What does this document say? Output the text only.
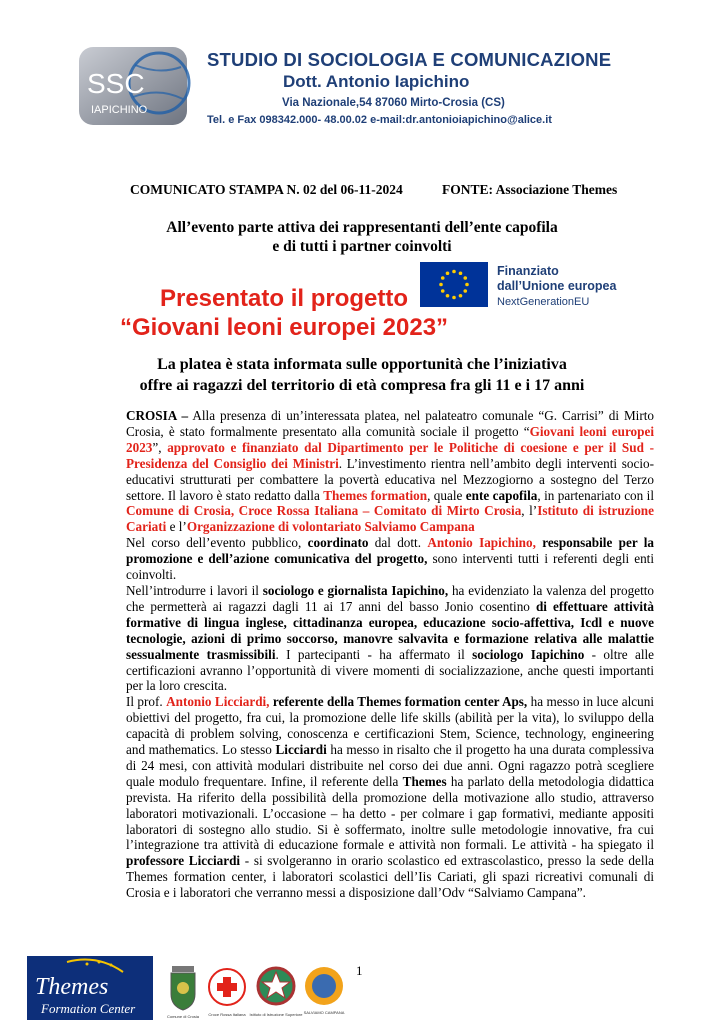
SSC
IAPICHINO
STUDIO DI SOCIOLOGIA E COMUNICAZIONE
Dott. Antonio Iapichino
Via Nazionale,54 87060 Mirto-Crosia (CS)
Tel. e Fax 098342.000- 48.00.02 e-mail:dr.antonioiapichino@alice.it
COMUNICATO STAMPA N. 02 del 06-11-2024	FONTE: Associazione Themes
All’evento parte attiva dei rappresentanti dell’ente capofila
e di tutti i partner coinvolti
Presentato il progetto
“Giovani leoni europei 2023”
Finanziato
dall’Unione europea
NextGenerationEU
La platea è stata informata sulle opportunità che l’iniziativa
offre ai ragazzi del territorio di età compresa fra gli 11 e i 17 anni

CROSIA – Alla presenza di un’interessata platea, nel palateatro comunale “G. Carrisi” di Mirto Crosia, è stato formalmente presentato alla comunità sociale il progetto “Giovani leoni europei 2023”, approvato e finanziato dal Dipartimento per le Politiche di coesione e per il Sud - Presidenza del Consiglio dei Ministri. L’investimento rientra nell’ambito degli interventi socio-educativi strutturati per combattere la povertà educativa nel Mezzogiorno a sostegno del Terzo settore. Il lavoro è stato redatto dalla Themes formation, quale ente capofila, in partenariato con il Comune di Crosia, Croce Rossa Italiana – Comitato di Mirto Crosia, l’Istituto di istruzione Cariati e l’Organizzazione di volontariato Salviamo Campana

Nel corso dell’evento pubblico, coordinato dal dott. Antonio Iapichino, responsabile per la promozione e dell’azione comunicativa del progetto, sono interventi tutti i referenti degli enti coinvolti.

Nell’introdurre i lavori il sociologo e giornalista Iapichino, ha evidenziato la valenza del progetto che permetterà ai ragazzi dagli 11 ai 17 anni del basso Jonio cosentino di effettuare attività formative di lingua inglese, cittadinanza europea, educazione socio-affettiva, Icdl e nuove tecnologie, azioni di primo soccorso, manovre salvavita e formazione relativa alle malattie sessualmente trasmissibili. I partecipanti - ha affermato il sociologo Iapichino - oltre alle certificazioni avranno l’opportunità di vivere momenti di socializzazione, anche questi importanti per la loro crescita.

Il prof. Antonio Licciardi, referente della Themes formation center Aps, ha messo in luce alcuni obiettivi del progetto, fra cui, la promozione delle life skills (abilità per la vita), lo sviluppo della capacità di problem solving, conoscenza e certificazioni Stem, Science, technology, engineering and mathematics. Lo stesso Licciardi ha messo in risalto che il progetto ha una durata complessiva di 24 mesi, con attività modulari distribuite nel corso dei due anni. Ogni ragazzo potrà scegliere quale modulo frequentare. Infine, il referente della Themes ha parlato della metodologia didattica prevista. Ha riferito della possibilità della promozione della motivazione allo studio, attraverso laboratori motivazionali. L’occasione – ha detto - per colmare i gap formativi, mediante appositi laboratori di sostegno allo studio. Si è soffermato, inoltre sulle metodologie innovative, fra cui l’integrazione tra attività di educazione formale e attività non formali. Le attività - ha spiegato il professore Licciardi - si svolgeranno in orario scolastico ed extrascolastico, presso la sede della Themes formation center, i laboratori scolastici dell’Iis Cariati, gli spazi ricreativi comunali di Crosia e i laboratori che verranno messi a disposizione dall’Odv “Salviamo Campana”.

Themes
Formation Center
1
Comune di Crosia Croce Rossa Italiana Istituto di Istruzione Superiore SALVIAMO CAMPANA
